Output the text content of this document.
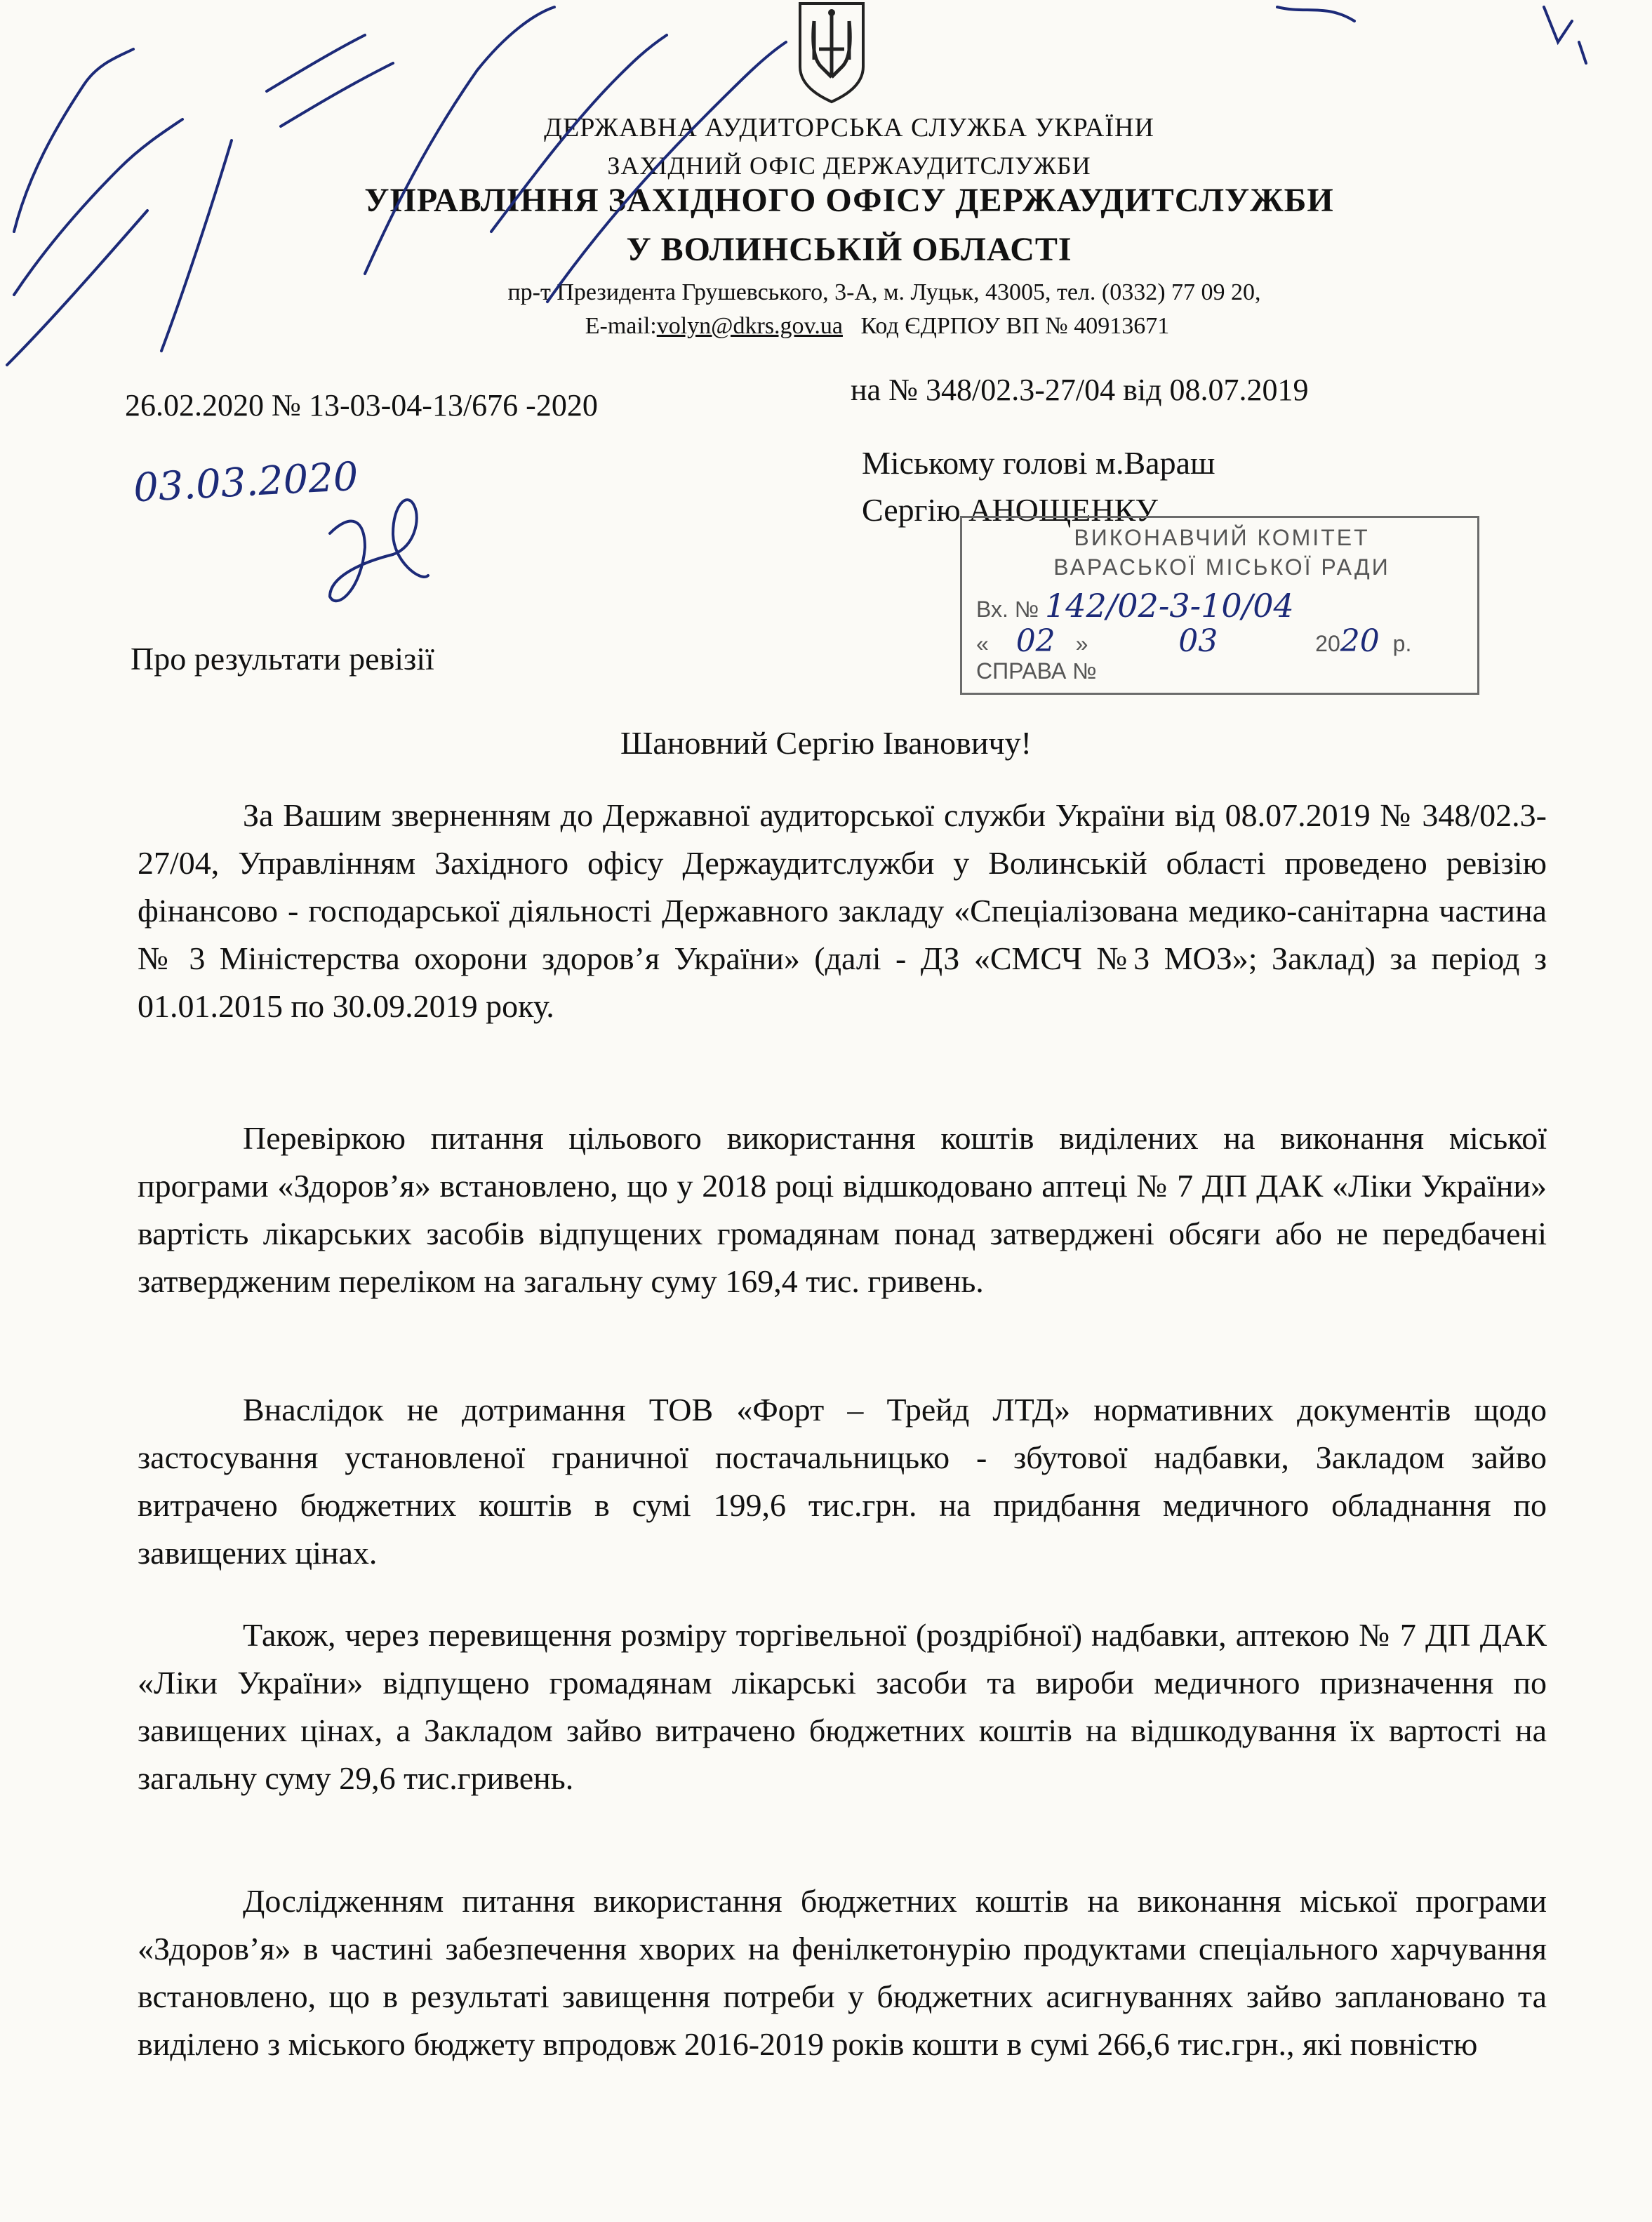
ДЕРЖАВНА АУДИТОРСЬКА СЛУЖБА УКРАЇНИ
ЗАХІДНИЙ ОФІС ДЕРЖАУДИТСЛУЖБИ
УПРАВЛІННЯ ЗАХІДНОГО ОФІСУ ДЕРЖАУДИТСЛУЖБИ
У ВОЛИНСЬКІЙ ОБЛАСТІ
пр-т Президента Грушевського, 3-А, м. Луцьк, 43005, тел. (0332) 77 09 20,
E-mail:volyn@dkrs.gov.ua Код ЄДРПОУ ВП № 40913671
26.02.2020 № 13-03-04-13/676 -2020	на № 348/02.3-27/04 від 08.07.2019
Міському голові м.Вараш
Сергію АНОЩЕНКУ
ВИКОНАВЧИЙ КОМІТЕТ
ВАРАСЬКОЇ МІСЬКОЇ РАДИ
Вх. № 142/02-3-10/04
« 02 »	03	2020 р.
СПРАВА №
03.03.2020
Про результати ревізії
Шановний Сергію Івановичу!
За Вашим зверненням до Державної аудиторської служби України від 08.07.2019 № 348/02.3-27/04, Управлінням Західного офісу Держаудитслужби у Волинській області проведено ревізію фінансово - господарської діяльності Державного закладу «Спеціалізована медико-санітарна частина № 3 Міністерства охорони здоров’я України» (далі - ДЗ «СМСЧ №3 МОЗ»; Заклад) за період з 01.01.2015 по 30.09.2019 року.
Перевіркою питання цільового використання коштів виділених на виконання міської програми «Здоров’я» встановлено, що у 2018 році відшкодовано аптеці № 7 ДП ДАК «Ліки України» вартість лікарських засобів відпущених громадянам понад затверджені обсяги або не передбачені затвердженим переліком на загальну суму 169,4 тис. гривень.
Внаслідок не дотримання ТОВ «Форт – Трейд ЛТД» нормативних документів щодо застосування установленої граничної постачальницько - збутової надбавки, Закладом зайво витрачено бюджетних коштів в сумі 199,6 тис.грн. на придбання медичного обладнання по завищених цінах.
Також, через перевищення розміру торгівельної (роздрібної) надбавки, аптекою № 7 ДП ДАК «Ліки України» відпущено громадянам лікарські засоби та вироби медичного призначення по завищених цінах, а Закладом зайво витрачено бюджетних коштів на відшкодування їх вартості на загальну суму 29,6 тис.гривень.
Дослідженням питання використання бюджетних коштів на виконання міської програми «Здоров’я» в частині забезпечення хворих на фенілкетонурію продуктами спеціального харчування встановлено, що в результаті завищення потреби у бюджетних асигнуваннях зайво заплановано та виділено з міського бюджету впродовж 2016-2019 років кошти в сумі 266,6 тис.грн., які повністю
